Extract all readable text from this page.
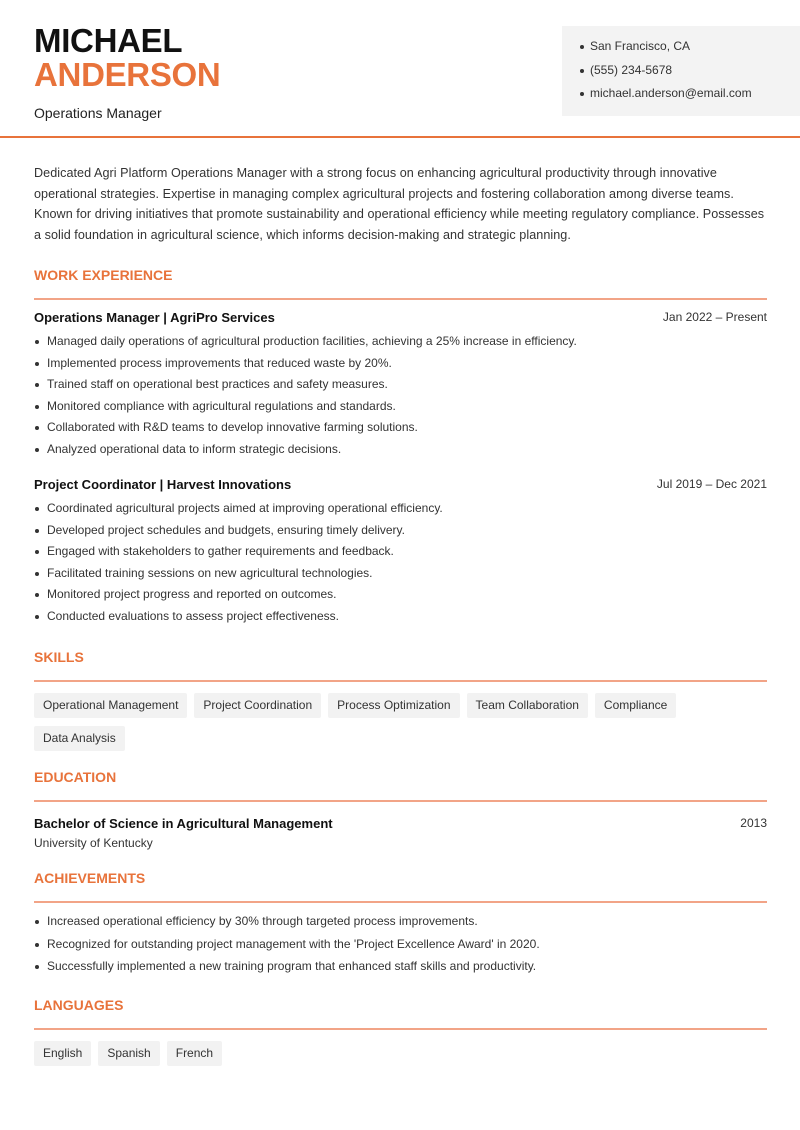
MICHAEL
ANDERSON
Operations Manager
San Francisco, CA
(555) 234-5678
michael.anderson@email.com

Dedicated Agri Platform Operations Manager with a strong focus on enhancing agricultural productivity through innovative operational strategies. Expertise in managing complex agricultural projects and fostering collaboration among diverse teams. Known for driving initiatives that promote sustainability and operational efficiency while meeting regulatory compliance. Possesses a solid foundation in agricultural science, which informs decision-making and strategic planning.

WORK EXPERIENCE
Operations Manager | AgriPro Services	Jan 2022 – Present
Managed daily operations of agricultural production facilities, achieving a 25% increase in efficiency.
Implemented process improvements that reduced waste by 20%.
Trained staff on operational best practices and safety measures.
Monitored compliance with agricultural regulations and standards.
Collaborated with R&D teams to develop innovative farming solutions.
Analyzed operational data to inform strategic decisions.
Project Coordinator | Harvest Innovations	Jul 2019 – Dec 2021
Coordinated agricultural projects aimed at improving operational efficiency.
Developed project schedules and budgets, ensuring timely delivery.
Engaged with stakeholders to gather requirements and feedback.
Facilitated training sessions on new agricultural technologies.
Monitored project progress and reported on outcomes.
Conducted evaluations to assess project effectiveness.
SKILLS
Operational Management	Project Coordination	Process Optimization	Team Collaboration	Compliance
Data Analysis
EDUCATION
Bachelor of Science in Agricultural Management	2013
University of Kentucky
ACHIEVEMENTS
Increased operational efficiency by 30% through targeted process improvements.
Recognized for outstanding project management with the 'Project Excellence Award' in 2020.
Successfully implemented a new training program that enhanced staff skills and productivity.
LANGUAGES
English	Spanish	French
